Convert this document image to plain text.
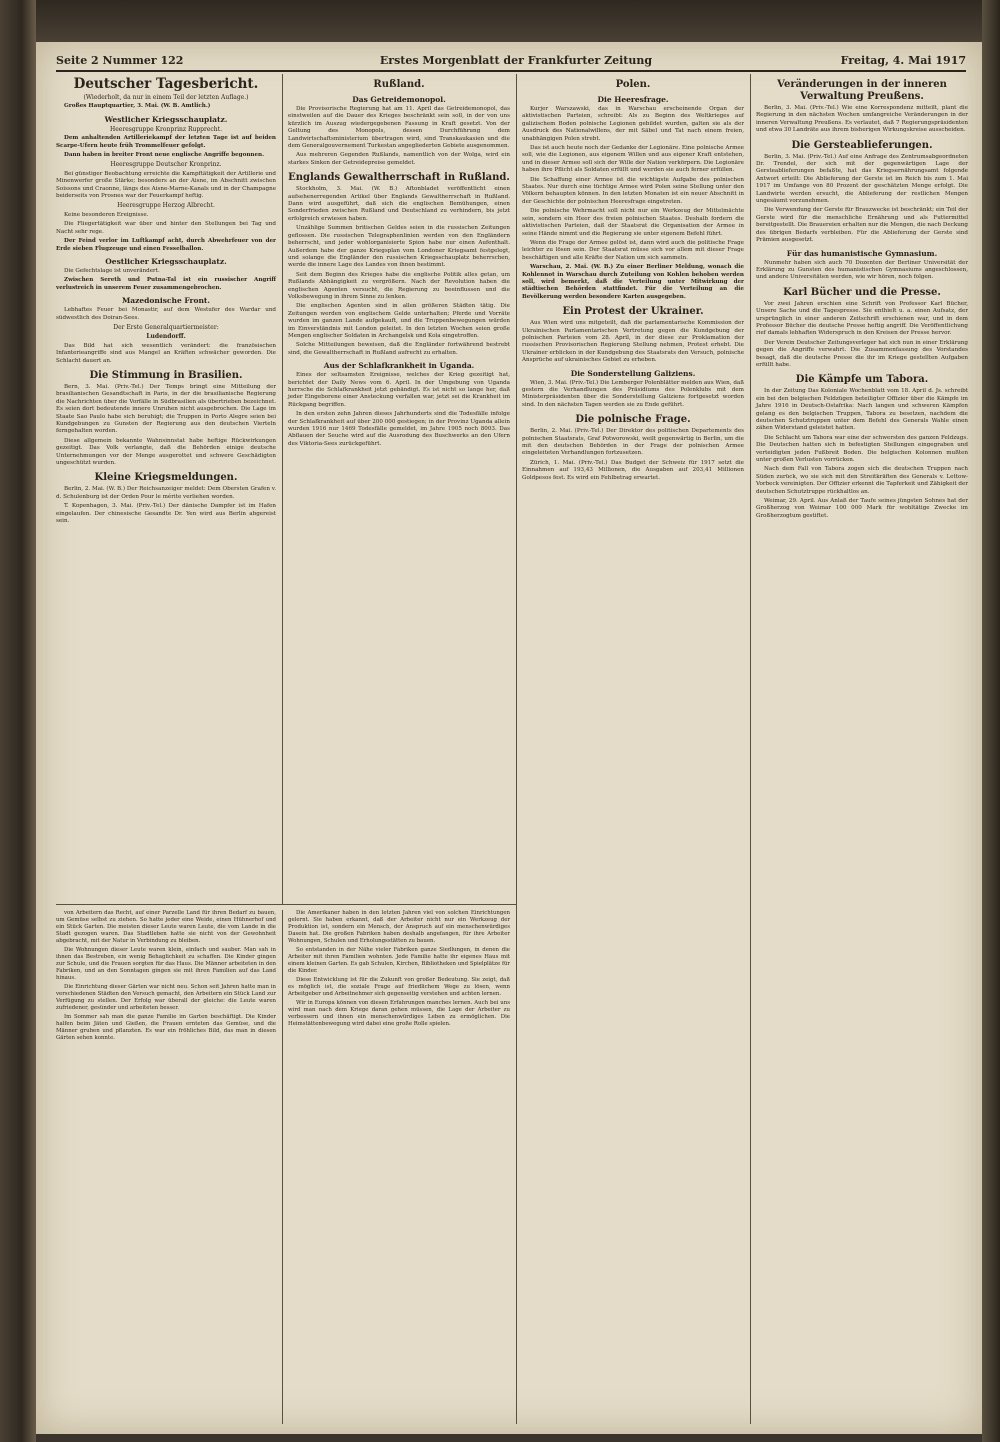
Seite 2 Nummer 122	Erstes Morgenblatt der Frankfurter Zeitung	Freitag, 4. Mai 1917
Deutscher Tagesbericht.
(Wiederholt, da nur in einem Teil der letzten Auflage.)

Großes Hauptquartier, 3. Mai. (W. B. Amtlich.)

Westlicher Kriegsschauplatz.
Heeresgruppe Kronprinz Rupprecht.

Dem anhaltenden Artilleriekampf der letzten Tage ist auf beiden Scarpe-Ufern heute früh Trommelfeuer gefolgt.

Dann haben in breiter Front neue englische Angriffe begonnen.

Heeresgruppe Deutscher Kronprinz.

Bei günstiger Beobachtung erreichte die Kampftätigkeit der Artillerie und Minenwerfer große Stärke; besonders an der Aisne, im Abschnitt zwischen Soissons und Craonne, längs des Aisne-Marne-Kanals und in der Champagne beiderseits von Prosnes war der Feuerkampf heftig.

Heeresgruppe Herzog Albrecht.

Keine besonderen Ereignisse.

Die Fliegertätigkeit war über und hinter den Stellungen bei Tag und Nacht sehr rege.

Der Feind verlor im Luftkampf acht, durch Abwehrfeuer von der Erde sieben Flugzeuge und einen Fesselballon.

Oestlicher Kriegsschauplatz.

Die Gefechtslage ist unverändert.

Zwischen Sereth und Putna-Tal ist ein russischer Angriff verlustreich in unserem Feuer zusammengebrochen.

Mazedonische Front.

Lebhaftes Feuer bei Monastir, auf dem Westufer des Wardar und südwestlich des Doiran-Sees.

Der Erste Generalquartiermeister:
Ludendorff.

Das Bild hat sich wesentlich verändert: die französischen Infanterieangriffe sind aus Mangel an Kräften schwächer geworden. Die Schlacht dauert an.

Die Stimmung in Brasilien.

Bern, 3. Mai. (Priv.-Tel.) Der Temps bringt eine Mitteilung der brasilianischen Gesandtschaft in Paris, in der die brasilianische Regierung die Nachrichten über die Vorfälle in Südbrasilien als übertrieben bezeichnet. Es seien dort bedeutende innere Unruhen nicht ausgebrochen. Die Lage im Staate Sao Paulo habe sich beruhigt; die Truppen in Porto Alegre seien bei Kundgebungen zu Gunsten der Regierung aus den deutschen Vierteln ferngehalten worden.

Diese allgemein bekannte Wahnsinnstat habe heftige Rückwirkungen gezeitigt. Das Volk verlangte, daß die Behörden einige deutsche Unternehmungen vor der Menge ausgerottet und schwere Geschädigten ungeschützt wurden.

Kleine Kriegsmeldungen.

Berlin, 2. Mai. (W. B.) Der Reichsanzeiger meldet: Dem Obersten Grafen v. d. Schulenburg ist der Orden Pour le mérite verliehen worden.

T. Kopenhagen, 3. Mai. (Priv.-Tel.) Der dänische Dampfer ist im Hafen eingelaufen. Der chinesische Gesandte Dr. Yen wird aus Berlin abgereist sein.

Rußland.
Das Getreidemonopol.

Die Provisorische Regierung hat am 11. April das Getreidemonopol, das einstweilen auf die Dauer des Krieges beschränkt sein soll, in der von uns kürzlich im Auszug wiedergegebenen Fassung in Kraft gesetzt. Von der Geltung des Monopols, dessen Durchführung dem Landwirtschaftsministerium übertragen wird, sind Transkaukasien und die dem Generalgouvernement Turkestan angegliederten Gebiete ausgenommen.

Aus mehreren Gegenden Rußlands, namentlich von der Wolga, wird ein starkes Sinken der Getreidepreise gemeldet.

Englands Gewaltherrschaft in Rußland.

Stockholm, 3. Mai. (W. B.) Aftonbladet veröffentlicht einen aufsehenerregenden Artikel über Englands Gewaltherrschaft in Rußland. Dann wird ausgeführt, daß sich die englischen Bemühungen, einen Sonderfrieden zwischen Rußland und Deutschland zu verhindern, bis jetzt erfolgreich erwiesen haben.

Unzählige Summen britischen Geldes seien in die russischen Zeitungen geflossen. Die russischen Telegraphenlinien werden von den Engländern beherrscht, und jeder wohlorganisierte Spion habe nur einen Aufenthalt. Außerdem habe der ganze Kriegsplan vom Londoner Kriegsamt festgelegt, und solange die Engländer den russischen Kriegsschauplatz beherrschen, werde die innere Lage des Landes von ihnen bestimmt.

Seit dem Beginn des Krieges habe die englische Politik alles getan, um Rußlands Abhängigkeit zu vergrößern. Nach der Revolution haben die englischen Agenten versucht, die Regierung zu beeinflussen und die Volksbewegung in ihrem Sinne zu lenken.

Die englischen Agenten sind in allen größeren Städten tätig. Die Zeitungen werden von englischem Gelde unterhalten; Pferde und Vorräte wurden im ganzen Lande aufgekauft, und die Truppenbewegungen würden im Einverständnis mit London geleitet. In den letzten Wochen seien große Mengen englischer Soldaten in Archangelsk und Kola eingetroffen.

Solche Mitteilungen beweisen, daß die Engländer fortwährend bestrebt sind, die Gewaltherrschaft in Rußland aufrecht zu erhalten.

Aus der Schlafkrankheit in Uganda.

Eines der seltsamsten Ereignisse, welches der Krieg gezeitigt hat, berichtet der Daily News vom 6. April. In der Umgebung von Uganda herrsche die Schlafkrankheit jetzt gebändigt. Es ist nicht so lange her, daß jeder Eingeborene einer Ansteckung verfallen war, jetzt sei die Krankheit im Rückgang begriffen.

In den ersten zehn Jahren dieses Jahrhunderts sind die Todesfälle infolge der Schlafkrankheit auf über 200 000 gestiegen; in der Provinz Uganda allein wurden 1916 nur 1469 Todesfälle gemeldet, im Jahre 1905 noch 8003. Das Abflauen der Seuche wird auf die Ausrodung des Buschwerks an den Ufern des Viktoria-Sees zurückgeführt.

Polen.
Die Heeresfrage.

Kurjer Warszawski, das in Warschau erscheinende Organ der aktivistischen Parteien, schreibt: Als zu Beginn des Weltkrieges auf galizischem Boden polnische Legionen gebildet wurden, galten sie als der Ausdruck des Nationalwillens, der mit Säbel und Tat nach einem freien, unabhängigen Polen strebt.

Das ist auch heute noch der Gedanke der Legionäre. Eine polnische Armee soll, wie die Legionen, aus eigenem Willen und aus eigener Kraft entstehen, und in dieser Armee soll sich der Wille der Nation verkörpern. Die Legionäre haben ihre Pflicht als Soldaten erfüllt und werden sie auch ferner erfüllen.

Die Schaffung einer Armee ist die wichtigste Aufgabe des polnischen Staates. Nur durch eine tüchtige Armee wird Polen seine Stellung unter den Völkern behaupten können. In den letzten Monaten ist ein neuer Abschnitt in der Geschichte der polnischen Heeresfrage eingetreten.

Die polnische Wehrmacht soll nicht nur ein Werkzeug der Mittelmächte sein, sondern ein Heer des freien polnischen Staates. Deshalb fordern die aktivistischen Parteien, daß der Staatsrat die Organisation der Armee in seine Hände nimmt und die Regierung sie unter eigenem Befehl führt.

Wenn die Frage der Armee gelöst ist, dann wird auch die politische Frage leichter zu lösen sein. Der Staatsrat müsse sich vor allem mit dieser Frage beschäftigen und alle Kräfte der Nation um sich sammeln.

Warschau, 2. Mai. (W. B.) Zu einer Berliner Meldung, wonach die Kohlennot in Warschau durch Zuteilung von Kohlen behoben werden soll, wird bemerkt, daß die Verteilung unter Mitwirkung der städtischen Behörden stattfindet. Für die Verteilung an die Bevölkerung werden besondere Karten ausgegeben.

Ein Protest der Ukrainer.

Aus Wien wird uns mitgeteilt, daß die parlamentarische Kommission der Ukrainischen Parlamentarischen Vertretung gegen die Kundgebung der polnischen Parteien vom 28. April, in der diese zur Proklamation der russischen Provisorischen Regierung Stellung nehmen, Protest erhebt. Die Ukrainer erblicken in der Kundgebung des Staatsrats den Versuch, polnische Ansprüche auf ukrainisches Gebiet zu erheben.

Die Sonderstellung Galiziens.

Wien, 3. Mai. (Priv.-Tel.) Die Lemberger Polenblätter melden aus Wien, daß gestern die Verhandlungen des Präsidiums des Polenklubs mit dem Ministerpräsidenten über die Sonderstellung Galiziens fortgesetzt worden sind. In den nächsten Tagen werden sie zu Ende geführt.

Die polnische Frage.

Berlin, 2. Mai. (Priv.-Tel.) Der Direktor des politischen Departements des polnischen Staatsrats, Graf Potworowski, weilt gegenwärtig in Berlin, um die mit den deutschen Behörden in der Frage der polnischen Armee eingeleiteten Verhandlungen fortzusetzen.

Zürich, 1. Mai. (Priv.-Tel.) Das Budget der Schweiz für 1917 setzt die Einnahmen auf 193,43 Millionen, die Ausgaben auf 203,41 Millionen Goldpesos fest. Es wird ein Fehlbetrag erwartet.

Veränderungen in der inneren Verwaltung Preußens.

Berlin, 3. Mai. (Priv.-Tel.) Wie eine Korrespondenz mitteilt, plant die Regierung in den nächsten Wochen umfangreiche Veränderungen in der inneren Verwaltung Preußens. Es verlautet, daß 7 Regierungspräsidenten und etwa 30 Landräte aus ihrem bisherigen Wirkungskreise ausscheiden.

Die Gersteablieferungen.

Berlin, 3. Mai. (Priv.-Tel.) Auf eine Anfrage des Zentrumsabgeordneten Dr. Trendel, der sich mit der gegenwärtigen Lage der Gersteablieferungen befaßte, hat das Kriegsernährungsamt folgende Antwort erteilt: Die Ablieferung der Gerste ist im Reich bis zum 1. Mai 1917 im Umfange von 80 Prozent der geschätzten Menge erfolgt. Die Landwirte werden ersucht, die Ablieferung der restlichen Mengen ungesäumt vorzunehmen.

Die Verwendung der Gerste für Brauzwecke ist beschränkt; ein Teil der Gerste wird für die menschliche Ernährung und als Futtermittel bereitgestellt. Die Brauereien erhalten nur die Mengen, die nach Deckung des übrigen Bedarfs verbleiben. Für die Ablieferung der Gerste sind Prämien ausgesetzt.

Für das humanistische Gymnasium.

Nunmehr haben sich auch 70 Dozenten der Berliner Universität der Erklärung zu Gunsten des humanistischen Gymnasiums angeschlossen, und andere Universitäten werden, wie wir hören, noch folgen.

Karl Bücher und die Presse.

Vor zwei Jahren erschien eine Schrift von Professor Karl Bücher, Unsere Sache und die Tagespresse. Sie enthielt u. a. einen Aufsatz, der ursprünglich in einer anderen Zeitschrift erschienen war, und in dem Professor Bücher die deutsche Presse heftig angriff. Die Veröffentlichung rief damals lebhaften Widerspruch in den Kreisen der Presse hervor.

Der Verein Deutscher Zeitungsverleger hat sich nun in einer Erklärung gegen die Angriffe verwahrt. Die Zusammenfassung des Vorstandes besagt, daß die deutsche Presse die ihr im Kriege gestellten Aufgaben erfüllt habe.

Die Kämpfe um Tabora.

In der Zeitung Das Koloniale Wochenblatt vom 18. April d. Js. schreibt ein bei den belgischen Feldzügen beteiligter Offizier über die Kämpfe im Jahre 1916 in Deutsch-Ostafrika: Nach langen und schweren Kämpfen gelang es den belgischen Truppen, Tabora zu besetzen, nachdem die deutschen Schutztruppen unter dem Befehl des Generals Wahle einen zähen Widerstand geleistet hatten.

Die Schlacht um Tabora war eine der schwersten des ganzen Feldzugs. Die Deutschen hatten sich in befestigten Stellungen eingegraben und verteidigten jeden Fußbreit Boden. Die belgischen Kolonnen mußten unter großen Verlusten vorrücken.

Nach dem Fall von Tabora zogen sich die deutschen Truppen nach Süden zurück, wo sie sich mit den Streitkräften des Generals v. Lettow-Vorbeck vereinigten. Der Offizier erkennt die Tapferkeit und Zähigkeit der deutschen Schutztruppe rückhaltlos an.

Weimar, 29. April. Aus Anlaß der Taufe seines jüngsten Sohnes hat der Großherzog von Weimar 100 000 Mark für wohltätige Zwecke im Großherzogtum gestiftet.

von Arbeitern das Recht, auf einer Parzelle Land für ihren Bedarf zu bauen, um Gemüse selbst zu ziehen. So hatte jeder eine Weide, einen Hühnerhof und ein Stück Garten. Die meisten dieser Leute waren Leute, die vom Lande in die Stadt gezogen waren. Das Stadtleben hatte sie nicht von der Gewohnheit abgebracht, mit der Natur in Verbindung zu bleiben.

Die Wohnungen dieser Leute waren klein, einfach und sauber. Man sah in ihnen das Bestreben, ein wenig Behaglichkeit zu schaffen. Die Kinder gingen zur Schule, und die Frauen sorgten für das Haus. Die Männer arbeiteten in den Fabriken, und an den Sonntagen gingen sie mit ihren Familien auf das Land hinaus.

Die Einrichtung dieser Gärten war nicht neu. Schon seit Jahren hatte man in verschiedenen Städten den Versuch gemacht, den Arbeitern ein Stück Land zur Verfügung zu stellen. Der Erfolg war überall der gleiche: die Leute waren zufriedener, gesünder und arbeiteten besser.

Im Sommer sah man die ganze Familie im Garten beschäftigt. Die Kinder halfen beim Jäten und Gießen, die Frauen ernteten das Gemüse, und die Männer gruben und pflanzten. Es war ein fröhliches Bild, das man in diesen Gärten sehen konnte.

Die Amerikaner haben in den letzten Jahren viel von solchen Einrichtungen gelernt. Sie haben erkannt, daß der Arbeiter nicht nur ein Werkzeug der Produktion ist, sondern ein Mensch, der Anspruch auf ein menschenwürdiges Dasein hat. Die großen Fabriken haben deshalb angefangen, für ihre Arbeiter Wohnungen, Schulen und Erholungsstätten zu bauen.

So entstanden in der Nähe vieler Fabriken ganze Siedlungen, in denen die Arbeiter mit ihren Familien wohnten. Jede Familie hatte ihr eigenes Haus mit einem kleinen Garten. Es gab Schulen, Kirchen, Bibliotheken und Spielplätze für die Kinder.

Diese Entwicklung ist für die Zukunft von großer Bedeutung. Sie zeigt, daß es möglich ist, die soziale Frage auf friedlichem Wege zu lösen, wenn Arbeitgeber und Arbeitnehmer sich gegenseitig verstehen und achten lernen.

Wir in Europa können von diesen Erfahrungen manches lernen. Auch bei uns wird man nach dem Kriege daran gehen müssen, die Lage der Arbeiter zu verbessern und ihnen ein menschenwürdiges Leben zu ermöglichen. Die Heimstättenbewegung wird dabei eine große Rolle spielen.
